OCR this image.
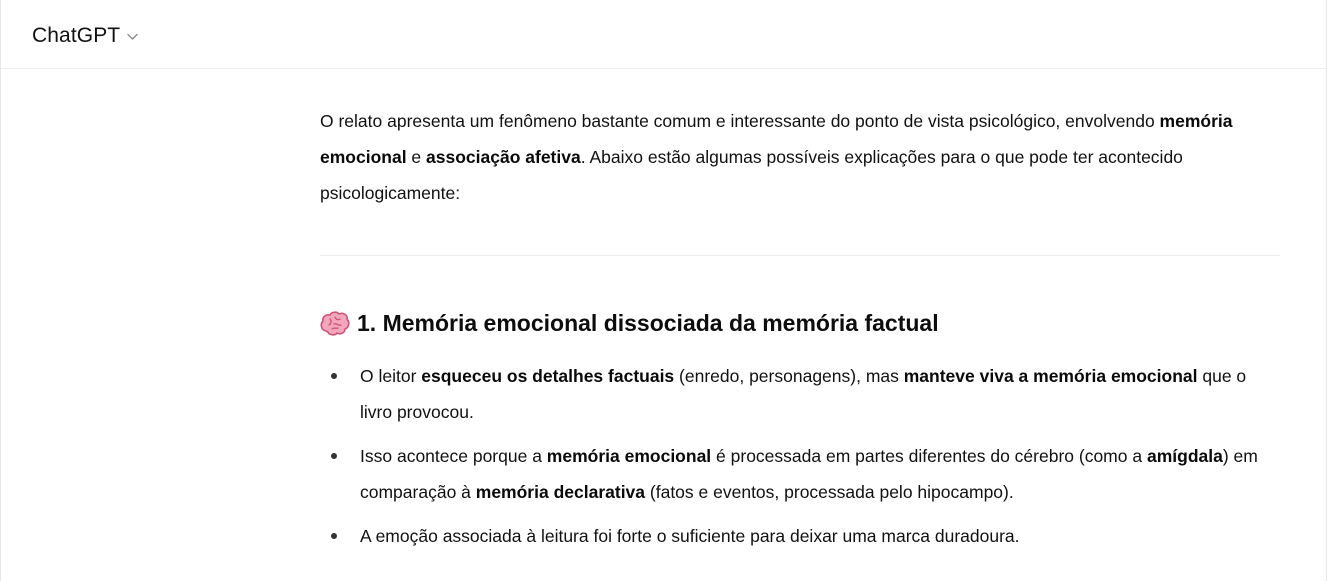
ChatGPT

O relato apresenta um fenômeno bastante comum e interessante do ponto de vista psicológico, envolvendo memória emocional e associação afetiva. Abaixo estão algumas possíveis explicações para o que pode ter acontecido psicologicamente:

1. Memória emocional dissociada da memória factual
O leitor esqueceu os detalhes factuais (enredo, personagens), mas manteve viva a memória emocional que o livro provocou.
Isso acontece porque a memória emocional é processada em partes diferentes do cérebro (como a amígdala) em comparação à memória declarativa (fatos e eventos, processada pelo hipocampo).
A emoção associada à leitura foi forte o suficiente para deixar uma marca duradoura.
